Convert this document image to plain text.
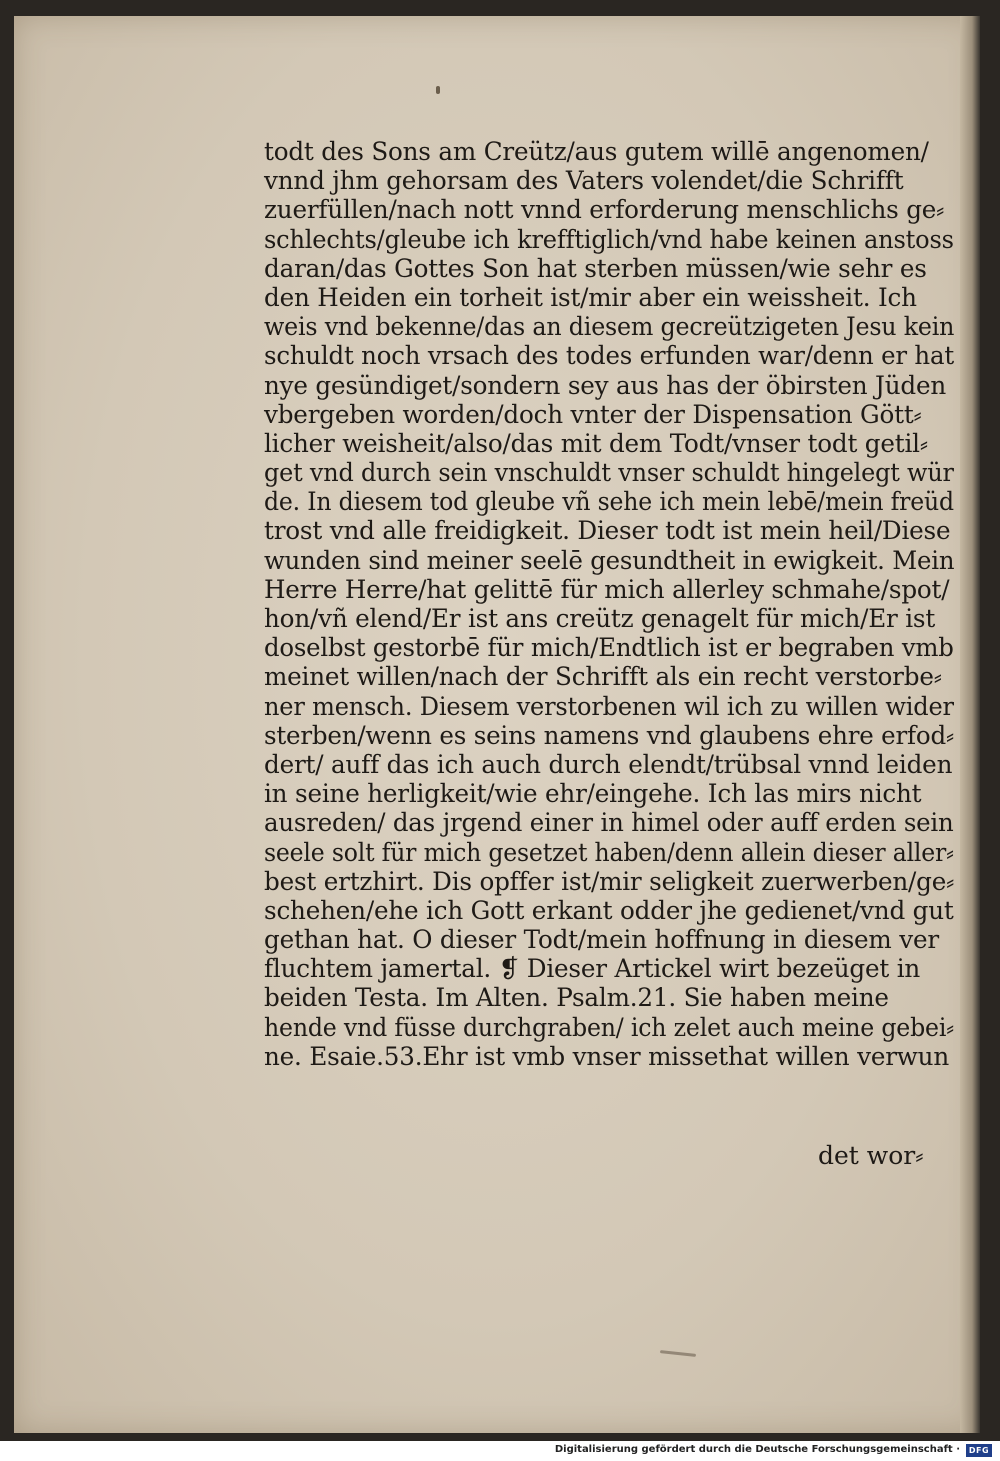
todt des Sons am Creütz/aus gutem willē angenomen/
vnnd jhm gehorsam des Vaters volendet/die Schrifft
zuerfüllen/nach nott vnnd erforderung menschlichs ge⸗
schlechts/gleube ich krefftiglich/vnd habe keinen anstoss
daran/das Gottes Son hat sterben müssen/wie sehr es
den Heiden ein torheit ist/mir aber ein weissheit. Ich
weis vnd bekenne/das an diesem gecreützigeten Jesu kein
schuldt noch vrsach des todes erfunden war/denn er hat
nye gesündiget/sondern sey aus has der öbirsten Jüden
vbergeben worden/doch vnter der Dispensation Gött⸗
licher weisheit/also/das mit dem Todt/vnser todt getil⸗
get vnd durch sein vnschuldt vnser schuldt hingelegt wür
de. In diesem tod gleube vñ sehe ich mein lebē/mein freüd
trost vnd alle freidigkeit. Dieser todt ist mein heil/Diese
wunden sind meiner seelē gesundtheit in ewigkeit. Mein
Herre Herre/hat gelittē für mich allerley schmahe/spot/
hon/vñ elend/Er ist ans creütz genagelt für mich/Er ist
doselbst gestorbē für mich/Endtlich ist er begraben vmb
meinet willen/nach der Schrifft als ein recht verstorbe⸗
ner mensch. Diesem verstorbenen wil ich zu willen wider
sterben/wenn es seins namens vnd glaubens ehre erfod⸗
dert/ auff das ich auch durch elendt/trübsal vnnd leiden
in seine herligkeit/wie ehr/eingehe. Ich las mirs nicht
ausreden/ das jrgend einer in himel oder auff erden sein
seele solt für mich gesetzet haben/denn allein dieser aller⸗
best ertzhirt. Dis opffer ist/mir seligkeit zuerwerben/ge⸗
schehen/ehe ich Gott erkant odder jhe gedienet/vnd gut
gethan hat. O dieser Todt/mein hoffnung in diesem ver
fluchtem jamertal. ❡ Dieser Artickel wirt bezeüget in
beiden Testa. Im Alten. Psalm.21. Sie haben meine
hende vnd füsse durchgraben/ ich zelet auch meine gebei⸗
ne. Esaie.53.Ehr ist vmb vnser missethat willen verwun
det wor⸗
Digitalisierung gefördert durch die Deutsche Forschungsgemeinschaft ·	DFG
